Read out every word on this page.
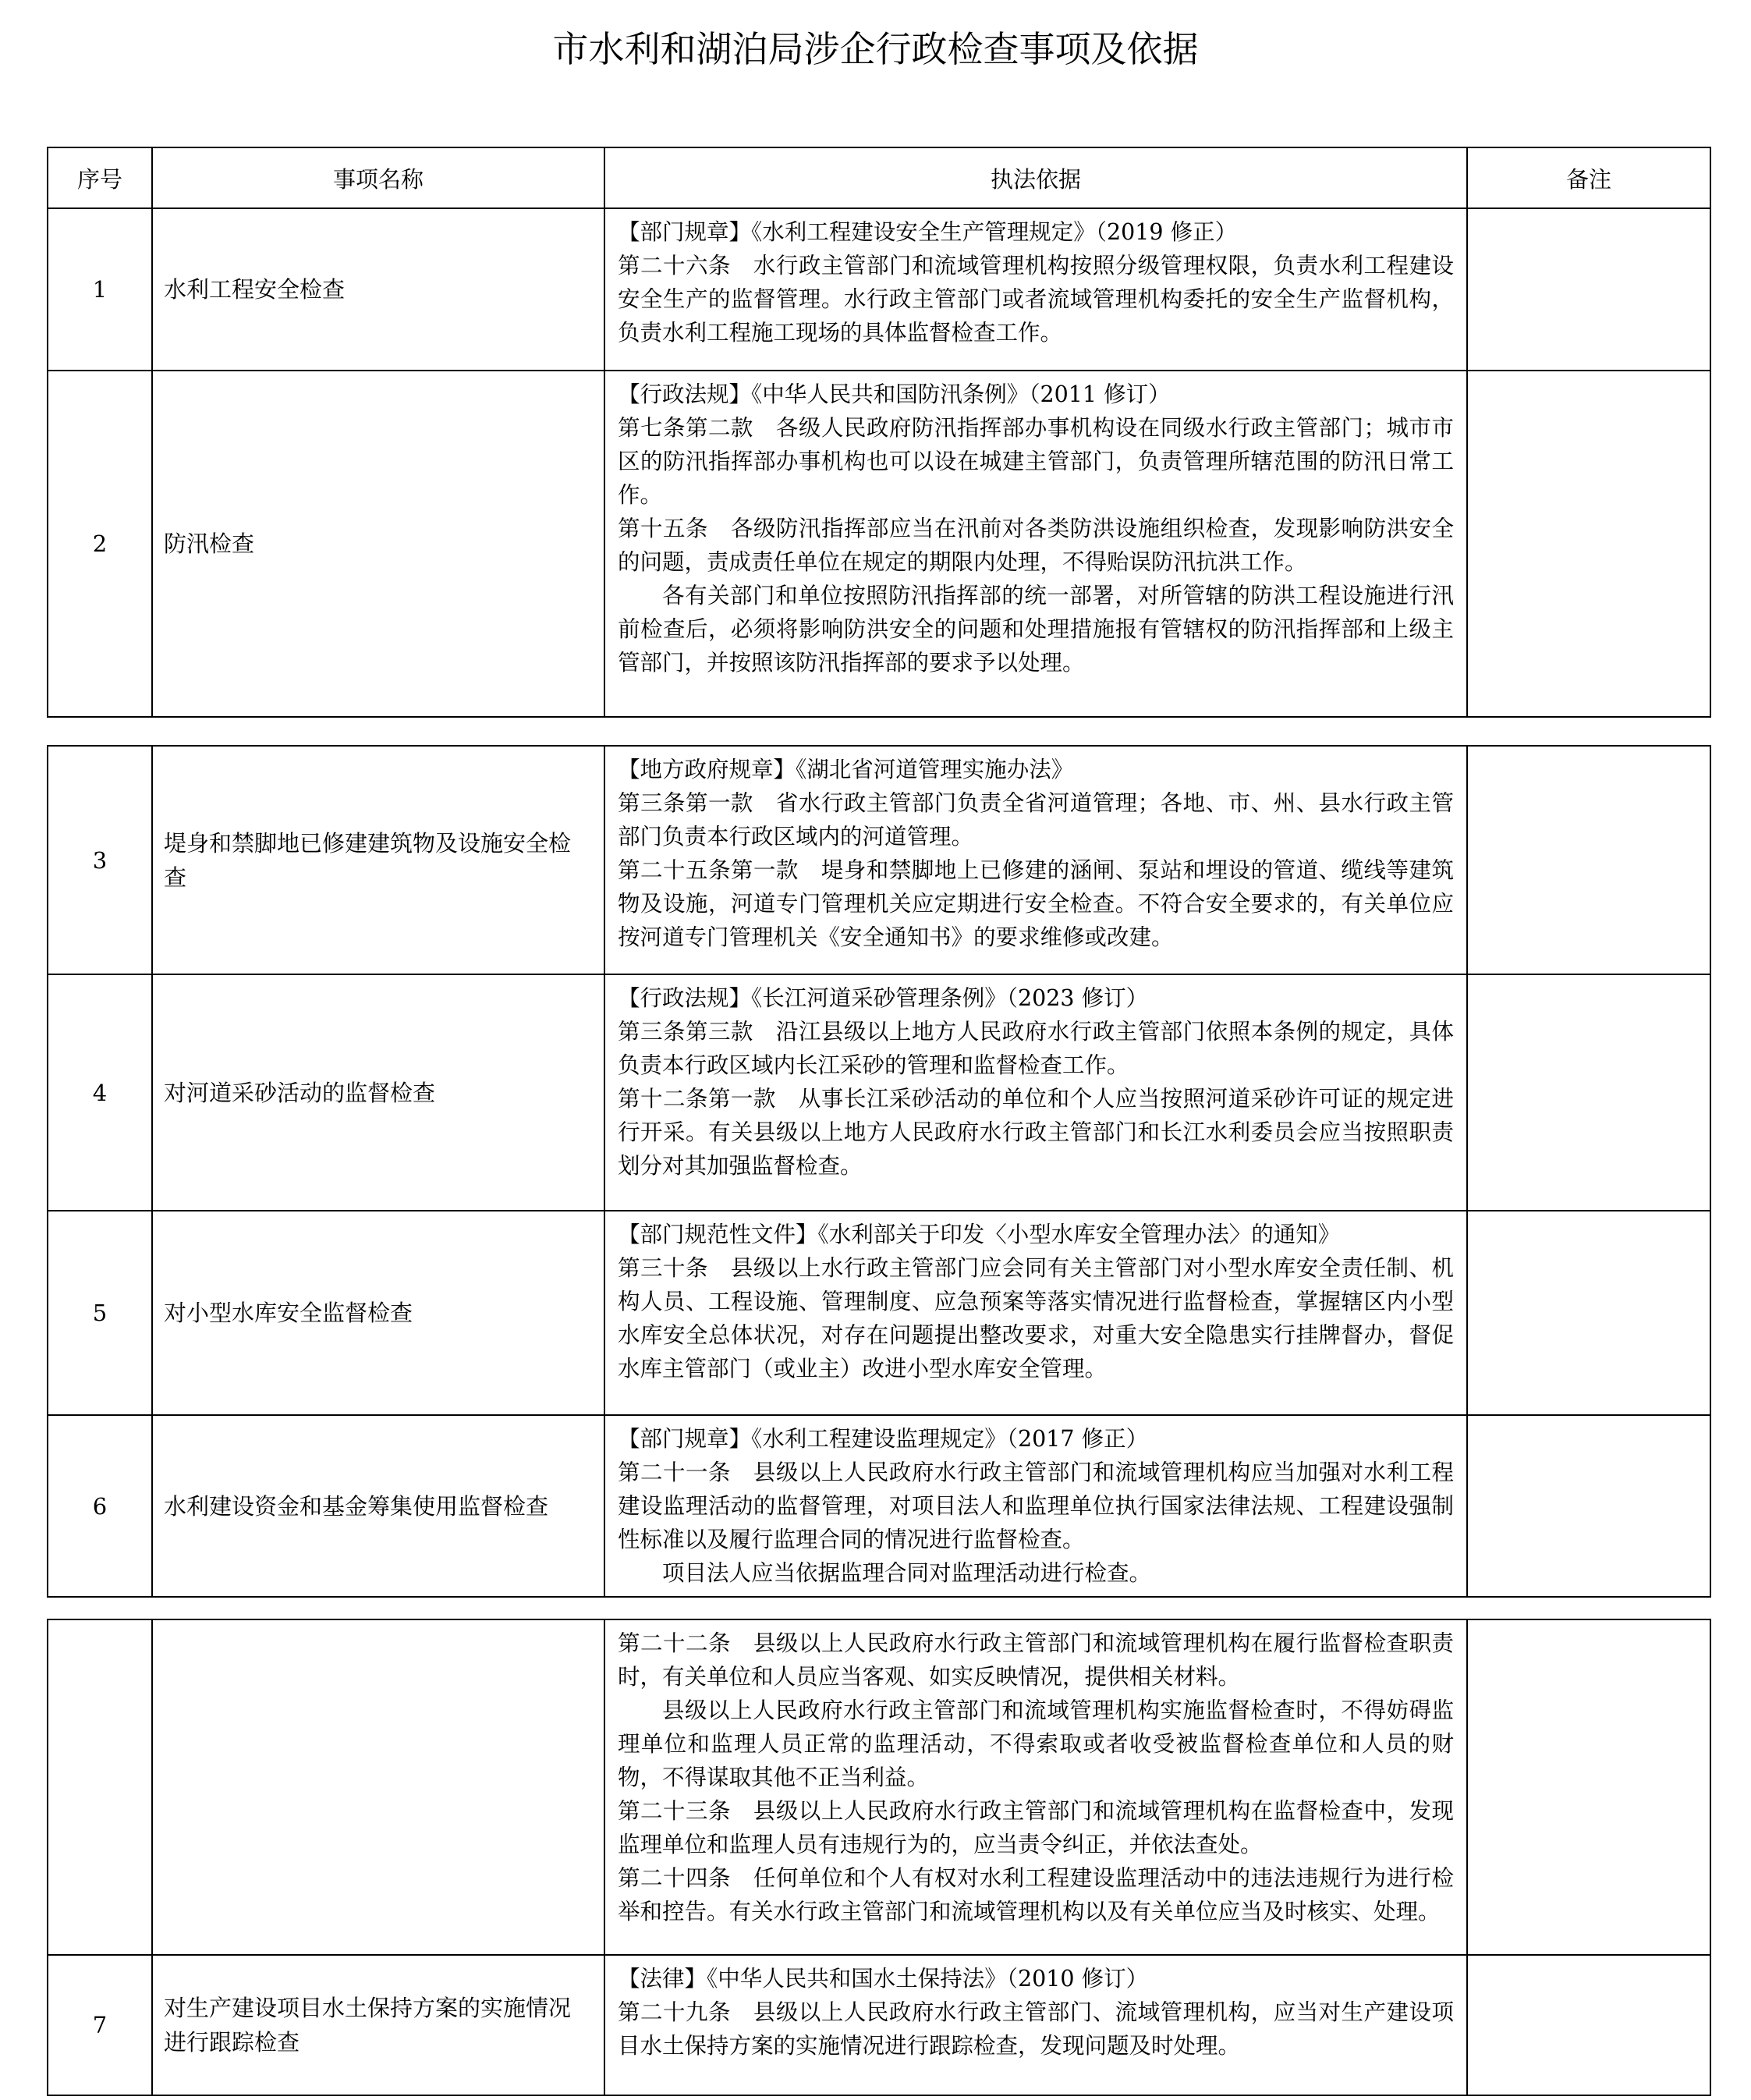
市水利和湖泊局涉企行政检查事项及依据
序号	事项名称	执法依据	备注
1	水利工程安全检查	【部门规章】《水利工程建设安全生产管理规定》（2019 修正）
第二十六条　水行政主管部门和流域管理机构按照分级管理权限，负责水利工程建设安全生产的监督管理。水行政主管部门或者流域管理机构委托的安全生产监督机构，负责水利工程施工现场的具体监督检查工作。	

2	防汛检查	【行政法规】《中华人民共和国防汛条例》（2011 修订）
第七条第二款　各级人民政府防汛指挥部办事机构设在同级水行政主管部门；城市市区的防汛指挥部办事机构也可以设在城建主管部门，负责管理所辖范围的防汛日常工作。
第十五条　各级防汛指挥部应当在汛前对各类防洪设施组织检查，发现影响防洪安全的问题，责成责任单位在规定的期限内处理，不得贻误防汛抗洪工作。
各有关部门和单位按照防汛指挥部的统一部署，对所管辖的防洪工程设施进行汛前检查后，必须将影响防洪安全的问题和处理措施报有管辖权的防汛指挥部和上级主管部门，并按照该防汛指挥部的要求予以处理。	

3	堤身和禁脚地已修建建筑物及设施安全检查	【地方政府规章】《湖北省河道管理实施办法》
第三条第一款　省水行政主管部门负责全省河道管理；各地、市、州、县水行政主管部门负责本行政区域内的河道管理。
第二十五条第一款　堤身和禁脚地上已修建的涵闸、泵站和埋设的管道、缆线等建筑物及设施，河道专门管理机关应定期进行安全检查。不符合安全要求的，有关单位应按河道专门管理机关《安全通知书》的要求维修或改建。	

4	对河道采砂活动的监督检查	【行政法规】《长江河道采砂管理条例》（2023 修订）
第三条第三款　沿江县级以上地方人民政府水行政主管部门依照本条例的规定，具体负责本行政区域内长江采砂的管理和监督检查工作。
第十二条第一款　从事长江采砂活动的单位和个人应当按照河道采砂许可证的规定进行开采。有关县级以上地方人民政府水行政主管部门和长江水利委员会应当按照职责划分对其加强监督检查。	

5	对小型水库安全监督检查	【部门规范性文件】《水利部关于印发〈小型水库安全管理办法〉的通知》
第三十条　县级以上水行政主管部门应会同有关主管部门对小型水库安全责任制、机构人员、工程设施、管理制度、应急预案等落实情况进行监督检查，掌握辖区内小型水库安全总体状况，对存在问题提出整改要求，对重大安全隐患实行挂牌督办，督促水库主管部门（或业主）改进小型水库安全管理。	

6	水利建设资金和基金筹集使用监督检查	【部门规章】《水利工程建设监理规定》（2017 修正）
第二十一条　县级以上人民政府水行政主管部门和流域管理机构应当加强对水利工程建设监理活动的监督管理，对项目法人和监理单位执行国家法律法规、工程建设强制性标准以及履行监理合同的情况进行监督检查。
项目法人应当依据监理合同对监理活动进行检查。	

		第二十二条　县级以上人民政府水行政主管部门和流域管理机构在履行监督检查职责时，有关单位和人员应当客观、如实反映情况，提供相关材料。
县级以上人民政府水行政主管部门和流域管理机构实施监督检查时，不得妨碍监理单位和监理人员正常的监理活动，不得索取或者收受被监督检查单位和人员的财物，不得谋取其他不正当利益。
第二十三条　县级以上人民政府水行政主管部门和流域管理机构在监督检查中，发现监理单位和监理人员有违规行为的，应当责令纠正，并依法查处。
第二十四条　任何单位和个人有权对水利工程建设监理活动中的违法违规行为进行检举和控告。有关水行政主管部门和流域管理机构以及有关单位应当及时核实、处理。	

7	对生产建设项目水土保持方案的实施情况进行跟踪检查	【法律】《中华人民共和国水土保持法》（2010 修订）
第二十九条　县级以上人民政府水行政主管部门、流域管理机构，应当对生产建设项目水土保持方案的实施情况进行跟踪检查，发现问题及时处理。	
